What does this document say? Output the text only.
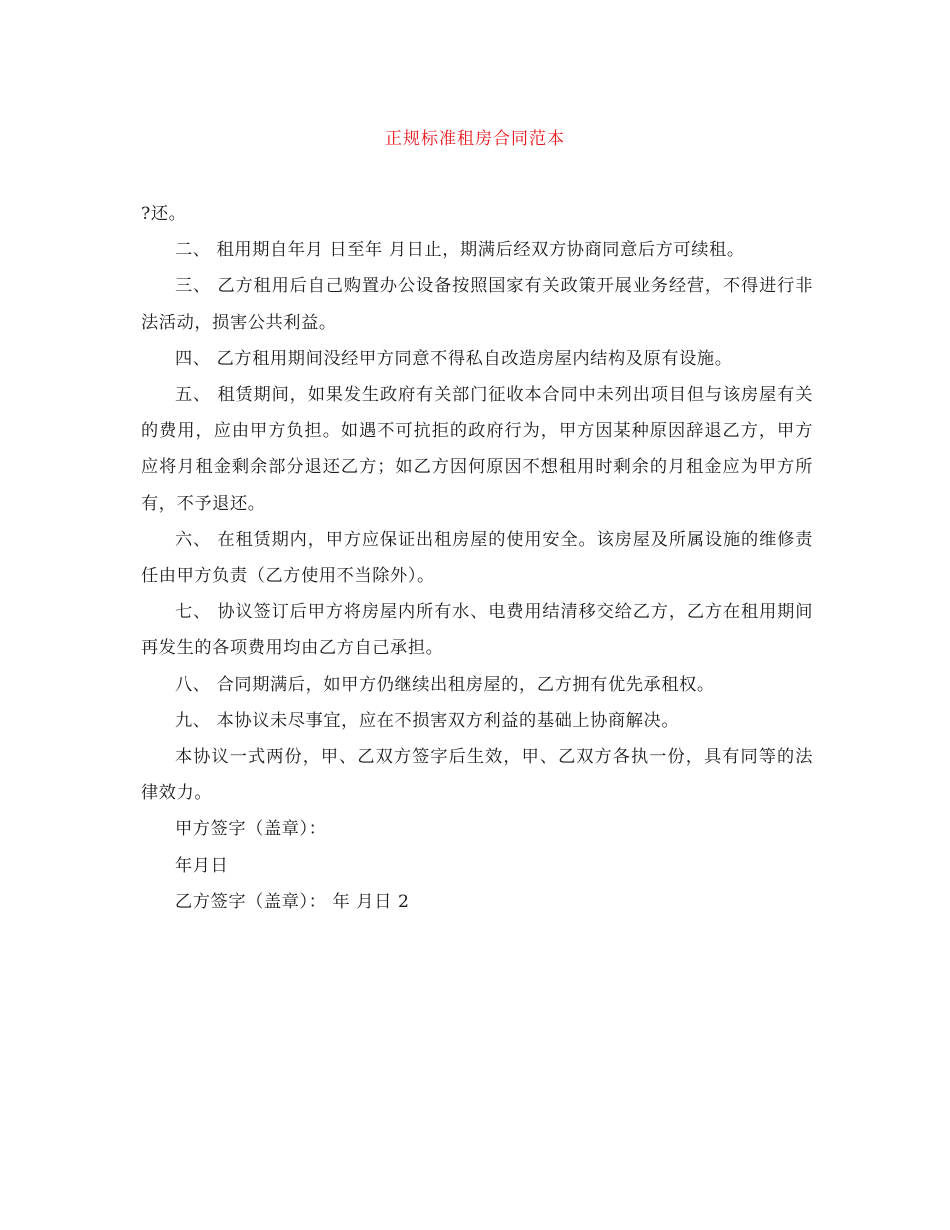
正规标准租房合同范本

?还。

二、 租用期自年月 日至年 月日止，期满后经双方协商同意后方可续租。

三、 乙方租用后自己购置办公设备按照国家有关政策开展业务经营，不得进行非法活动，损害公共利益。

四、 乙方租用期间没经甲方同意不得私自改造房屋内结构及原有设施。

五、 租赁期间，如果发生政府有关部门征收本合同中未列出项目但与该房屋有关的费用，应由甲方负担。如遇不可抗拒的政府行为，甲方因某种原因辞退乙方，甲方应将月租金剩余部分退还乙方；如乙方因何原因不想租用时剩余的月租金应为甲方所有，不予退还。

六、 在租赁期内，甲方应保证出租房屋的使用安全。该房屋及所属设施的维修责任由甲方负责（乙方使用不当除外）。

七、 协议签订后甲方将房屋内所有水、电费用结清移交给乙方，乙方在租用期间再发生的各项费用均由乙方自己承担。

八、 合同期满后，如甲方仍继续出租房屋的，乙方拥有优先承租权。

九、 本协议未尽事宜，应在不损害双方利益的基础上协商解决。

本协议一式两份，甲、乙双方签字后生效，甲、乙双方各执一份，具有同等的法律效力。

甲方签字（盖章）：

年月日

乙方签字（盖章）： 年 月日 2
